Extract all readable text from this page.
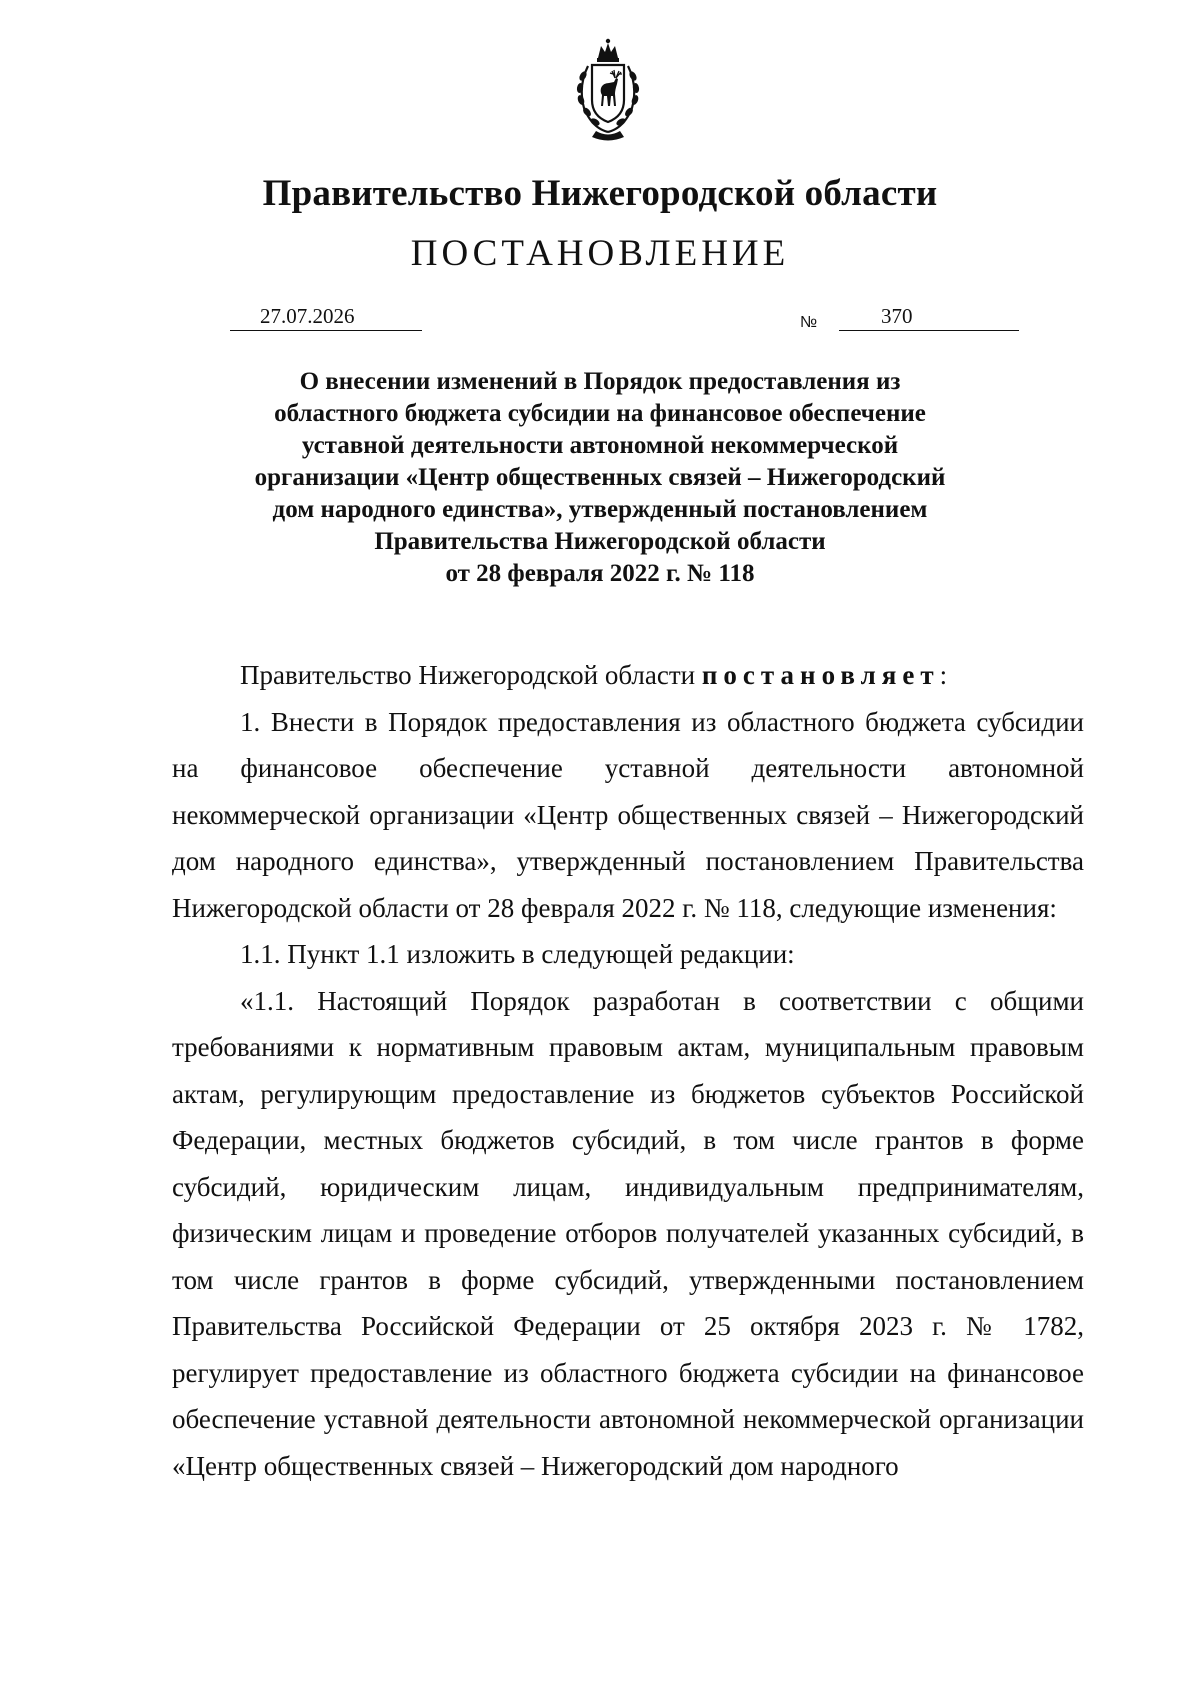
Правительство Нижегородской области
ПОСТАНОВЛЕНИЕ
27.07.2026	№	370
О внесении изменений в Порядок предоставления из
областного бюджета субсидии на финансовое обеспечение
уставной деятельности автономной некоммерческой
организации «Центр общественных связей – Нижегородский
дом народного единства», утвержденный постановлением
Правительства Нижегородской области
от 28 февраля 2022 г. № 118

Правительство Нижегородской области постановляет:

1. Внести в Порядок предоставления из областного бюджета субсидии на финансовое обеспечение уставной деятельности автономной некоммерческой организации «Центр общественных связей – Нижегородский дом народного единства», утвержденный постановлением Правительства Нижегородской области от 28 февраля 2022 г. № 118, следующие изменения:

1.1. Пункт 1.1 изложить в следующей редакции:

«1.1. Настоящий Порядок разработан в соответствии с общими требованиями к нормативным правовым актам, муниципальным правовым актам, регулирующим предоставление из бюджетов субъектов Российской Федерации, местных бюджетов субсидий, в том числе грантов в форме субсидий, юридическим лицам, индивидуальным предпринимателям, физическим лицам и проведение отборов получателей указанных субсидий, в том числе грантов в форме субсидий, утвержденными постановлением Правительства Российской Федерации от 25 октября 2023 г. № 1782, регулирует предоставление из областного бюджета субсидии на финансовое обеспечение уставной деятельности автономной некоммерческой организации «Центр общественных связей – Нижегородский дом народного
